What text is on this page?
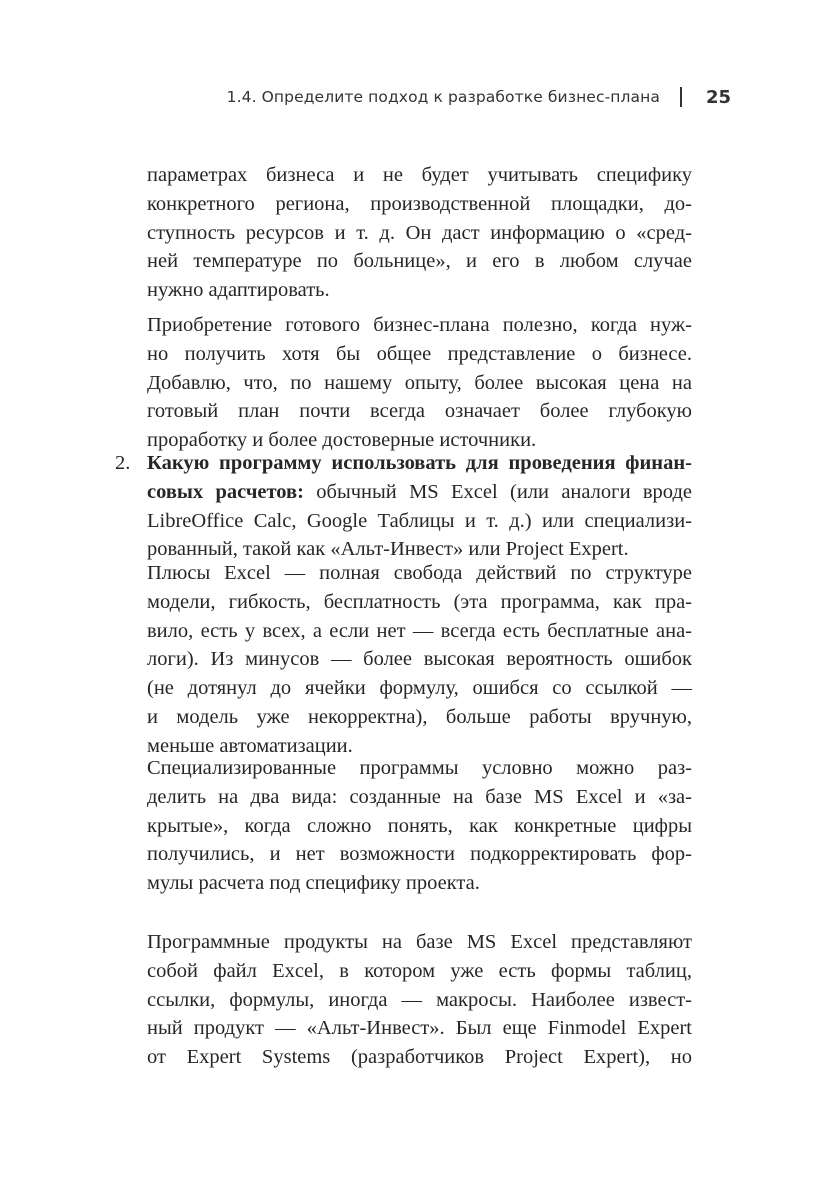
1.4. Определите подход к разработке бизнес-плана	25
параметрах бизнеса и не будет учитывать специфику
конкретного региона, производственной площадки, до-
ступность ресурсов и т. д. Он даст информацию о «сред-
ней температуре по больнице», и его в любом случае
нужно адаптировать.
Приобретение готового бизнес-плана полезно, когда нуж-
но получить хотя бы общее представление о бизнесе.
Добавлю, что, по нашему опыту, более высокая цена на
готовый план почти всегда означает более глубокую
проработку и более достоверные источники.
2. Какую программу использовать для проведения финан-
совых расчетов: обычный MS Excel (или аналоги вроде
LibreOffice Calc, Google Таблицы и т. д.) или специализи-
рованный, такой как «Альт-Инвест» или Project Expert.
Плюсы Excel — полная свобода действий по структуре
модели, гибкость, бесплатность (эта программа, как пра-
вило, есть у всех, а если нет — всегда есть бесплатные ана-
логи). Из минусов — более высокая вероятность ошибок
(не дотянул до ячейки формулу, ошибся со ссылкой —
и модель уже некорректна), больше работы вручную,
меньше автоматизации.
Специализированные программы условно можно раз-
делить на два вида: созданные на базе MS Excel и «за-
крытые», когда сложно понять, как конкретные цифры
получились, и нет возможности подкорректировать фор-
мулы расчета под специфику проекта.
Программные продукты на базе MS Excel представляют
собой файл Excel, в котором уже есть формы таблиц,
ссылки, формулы, иногда — макросы. Наиболее извест-
ный продукт — «Альт-Инвест». Был еще Finmodel Expert
от Expert Systems (разработчиков Project Expert), но
